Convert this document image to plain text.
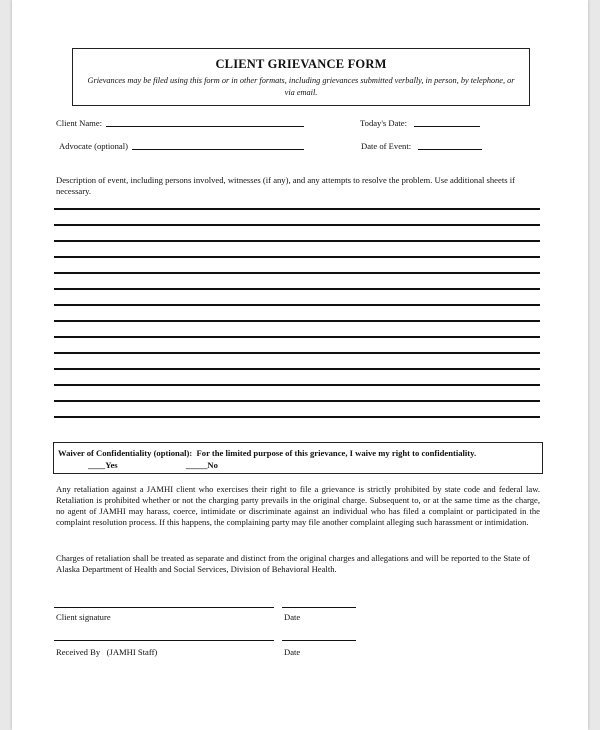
CLIENT GRIEVANCE FORM
Grievances may be filed using this form or in other formats, including grievances submitted verbally, in person, by telephone, or via email.
Client Name:	Today's Date:
Advocate (optional)	Date of Event:
Description of event, including persons involved, witnesses (if any), and any attempts to resolve the problem. Use additional sheets if necessary.
Waiver of Confidentiality (optional): For the limited purpose of this grievance, I waive my right to confidentiality.
____Yes	_____No
Any retaliation against a JAMHI client who exercises their right to file a grievance is strictly prohibited by state code and federal law. Retaliation is prohibited whether or not the charging party prevails in the original charge. Subsequent to, or at the same time as the charge, no agent of JAMHI may harass, coerce, intimidate or discriminate against an individual who has filed a complaint or participated in the complaint resolution process. If this happens, the complaining party may file another complaint alleging such harassment or intimidation.
Charges of retaliation shall be treated as separate and distinct from the original charges and allegations and will be reported to the State of Alaska Department of Health and Social Services, Division of Behavioral Health.
Client signature	Date
Received By (JAMHI Staff)	Date
